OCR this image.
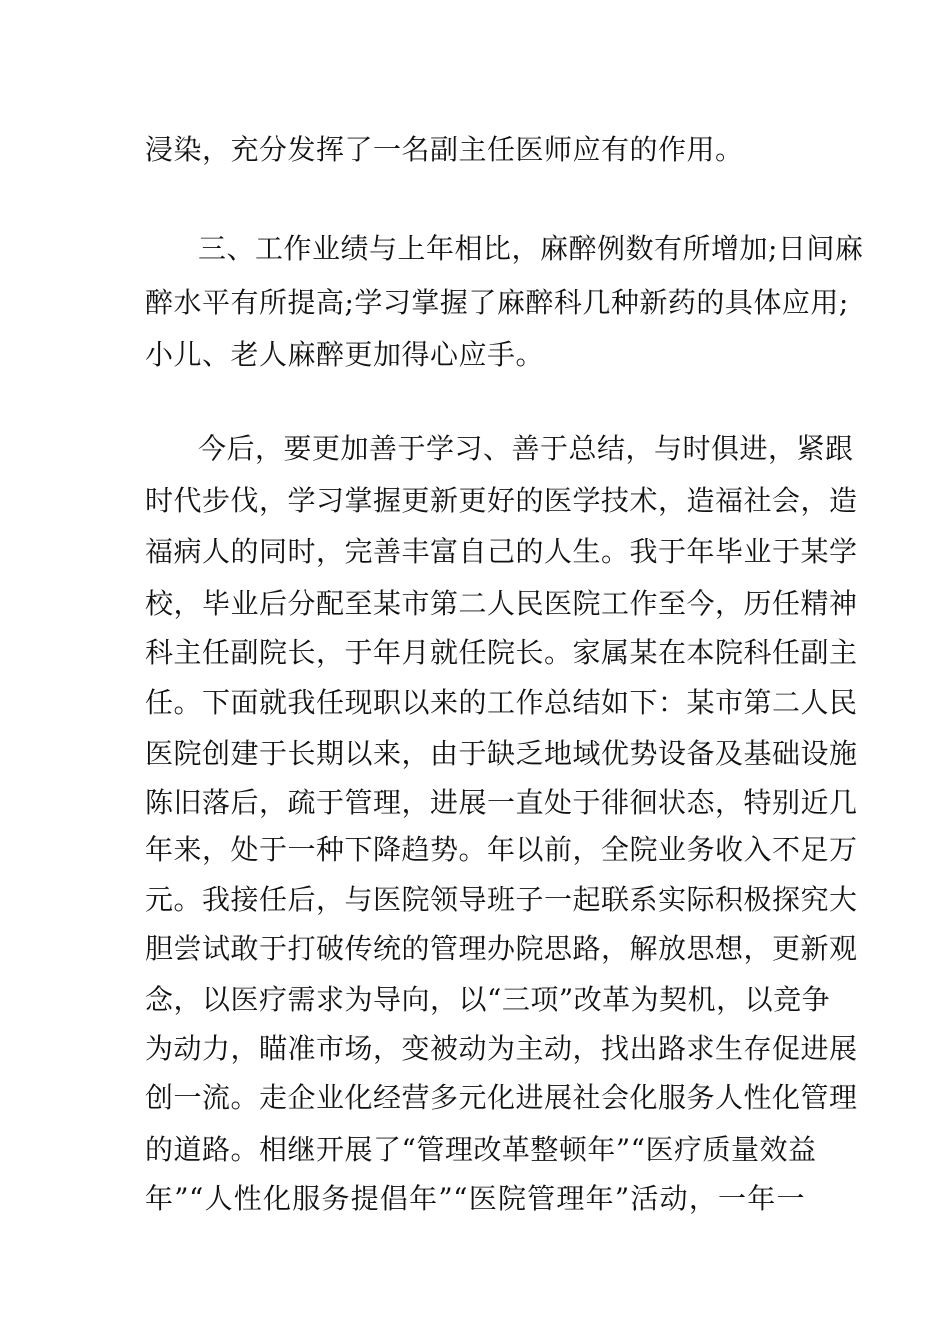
浸染，充分发挥了一名副主任医师应有的作用。
三、工作业绩与上年相比，麻醉例数有所增加;日间麻
醉水平有所提高;学习掌握了麻醉科几种新药的具体应用;
小儿、老人麻醉更加得心应手。
今后，要更加善于学习、善于总结，与时俱进，紧跟
时代步伐，学习掌握更新更好的医学技术，造福社会，造
福病人的同时，完善丰富自己的人生。我于年毕业于某学
校，毕业后分配至某市第二人民医院工作至今，历任精神
科主任副院长，于年月就任院长。家属某在本院科任副主
任。下面就我任现职以来的工作总结如下：某市第二人民
医院创建于长期以来，由于缺乏地域优势设备及基础设施
陈旧落后，疏于管理，进展一直处于徘徊状态，特别近几
年来，处于一种下降趋势。年以前，全院业务收入不足万
元。我接任后，与医院领导班子一起联系实际积极探究大
胆尝试敢于打破传统的管理办院思路，解放思想，更新观
念，以医疗需求为导向，以“三项”改革为契机，以竞争
为动力，瞄准市场，变被动为主动，找出路求生存促进展
创一流。走企业化经营多元化进展社会化服务人性化管理
的道路。相继开展了“管理改革整顿年”“医疗质量效益
年”“人性化服务提倡年”“医院管理年”活动，一年一
